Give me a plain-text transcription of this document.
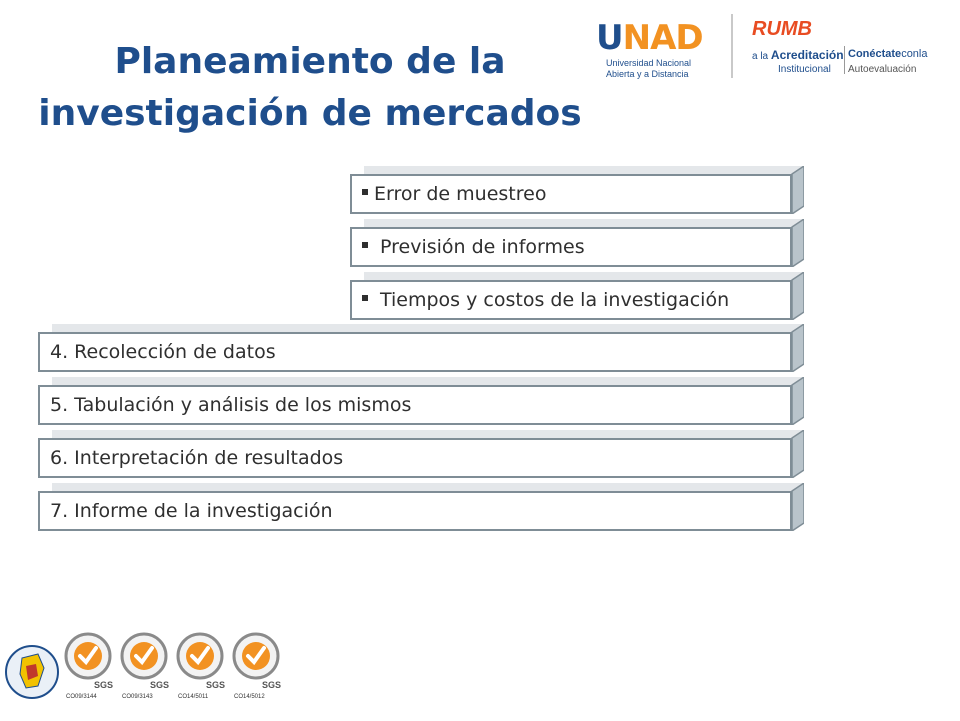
Planeamiento de la
investigación de mercados
UNAD
Universidad Nacional
Abierta y a Distancia
RUMB
a la Acreditación
Institucional
Conéctateconla
Autoevaluación
Error de muestreo
Previsión de informes
Tiempos y costos de la investigación
4. Recolección de datos
5. Tabulación y análisis de los mismos
6. Interpretación de resultados
7. Informe de la investigación
SGS
CO09/3144
SGS
CO09/3143
SGS
CO14/5011
SGS
CO14/5012
